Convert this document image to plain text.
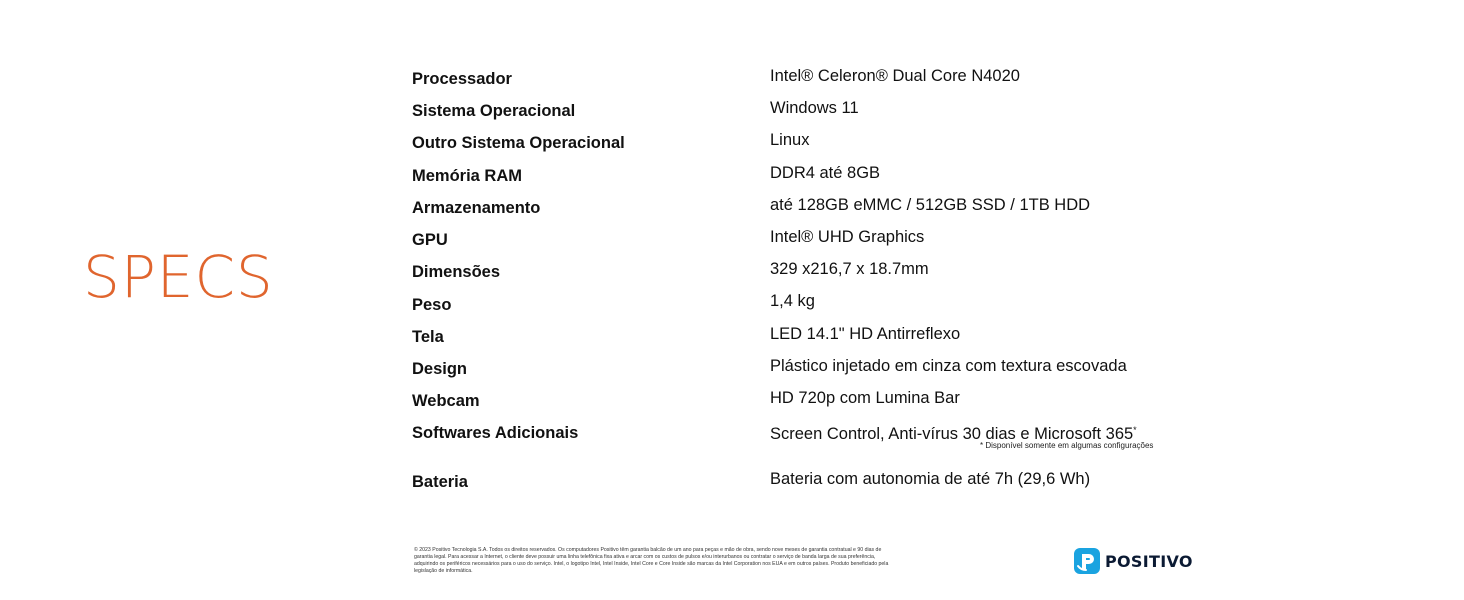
SPECS
Processador	Intel® Celeron® Dual Core N4020
Sistema Operacional	Windows 11
Outro Sistema Operacional	Linux
Memória RAM	DDR4 até 8GB
Armazenamento	até 128GB eMMC / 512GB SSD / 1TB HDD
GPU	Intel® UHD Graphics
Dimensões	329 x216,7 x 18.7mm
Peso	1,4 kg
Tela	LED 14.1" HD Antirreflexo
Design	Plástico injetado em cinza com textura escovada
Webcam	HD 720p com Lumina Bar
Softwares Adicionais	Screen Control, Anti-vírus 30 dias e Microsoft 365*
Bateria	Bateria com autonomia de até 7h (29,6 Wh)
* Disponível somente em algumas configurações
© 2023 Positivo Tecnologia S.A. Todos os direitos reservados. Os computadores Positivo têm garantia balcão de um ano para peças e mão de obra, sendo nove meses de garantia contratual e 90 dias de garantia legal. Para acessar a Internet, o cliente deve possuir uma linha telefônica fixa ativa e arcar com os custos de pulsos e/ou interurbanos ou contratar o serviço de banda larga de sua preferência, adquirindo os periféricos necessários para o uso do serviço. Intel, o logotipo Intel, Intel Inside, Intel Core e Core Inside são marcas da Intel Corporation nos EUA e em outros países. Produto beneficiado pela legislação de informática.
POSITIVO
